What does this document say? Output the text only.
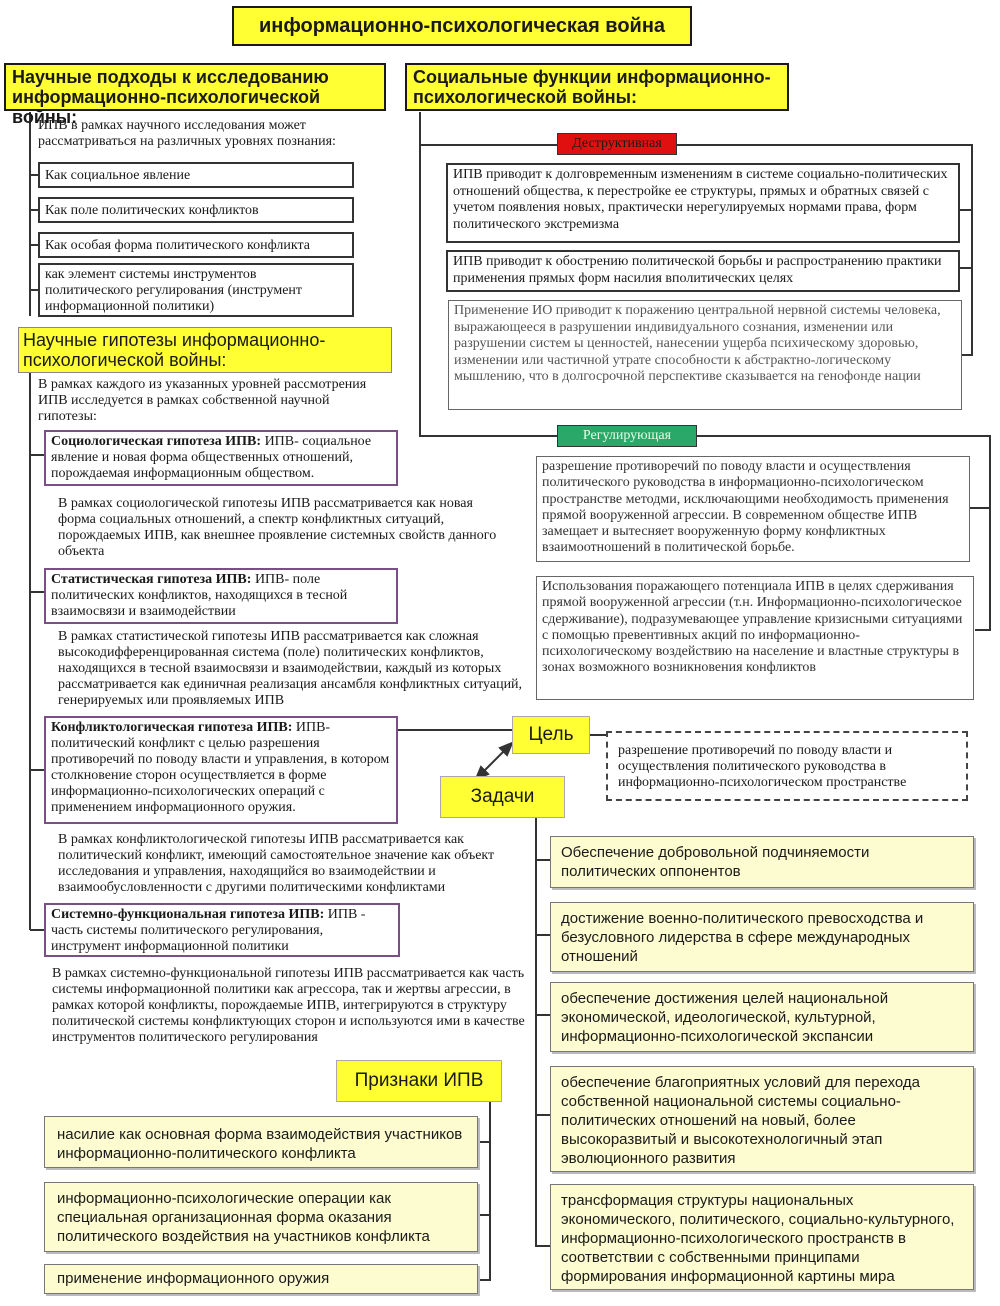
информационно-психологическая война
Научные подходы к исследованию информационно-психологической войны:
ИПВ в рамках научного исследования может рассматриваться на различных уровнях познания:
Как социальное явление
Как поле политических конфликтов
Как особая форма политического конфликта
как элемент системы инструментов политического регулирования (инструмент информационной политики)
Научные гипотезы информационно-психологической войны:
В рамках каждого из указанных уровней рассмотрения ИПВ исследуется в рамках собственной научной гипотезы:
Социологическая гипотеза ИПВ: ИПВ- социальное явление и новая форма общественных отношений, порождаемая информационным обществом.
В рамках социологической гипотезы ИПВ рассматривается как новая форма социальных отношений, а спектр конфликтных ситуаций, порождаемых ИПВ, как внешнее проявление системных свойств данного объекта
Статистическая гипотеза ИПВ: ИПВ- поле политических конфликтов, находящихся в тесной взаимосвязи и взаимодействии
В рамках статистической гипотезы ИПВ рассматривается как сложная высокодифференцированная система (поле) политических конфликтов, находящихся в тесной взаимосвязи и взаимодействии, каждый из которых рассматривается как единичная реализация ансамбля конфликтных ситуаций, генерируемых или проявляемых ИПВ
Конфликтологическая гипотеза ИПВ: ИПВ- политический конфликт с целью разрешения противоречий по поводу власти и управления, в котором столкновение сторон осуществляется в форме информационно-психологических операций с применением информационного оружия.
В рамках конфликтологической гипотезы ИПВ рассматривается как политический конфликт, имеющий самостоятельное значение как объект исследования и управления, находящийся во взаимодействии и взаимообусловленности с другими политическими конфликтами
Системно-функциональная гипотеза ИПВ: ИПВ - часть системы политического регулирования, инструмент информационной политики
В рамках системно-функциональной гипотезы ИПВ рассматривается как часть системы информационной политики как агрессора, так и жертвы агрессии, в рамках которой конфликты, порождаемые ИПВ, интегрируются в структуру политической системы конфликтующих сторон и используются ими в качестве инструментов политического регулирования
Социальные функции информационно-психологической войны:
Деструктивная
ИПВ приводит к долговременным изменениям в системе социально-политических отношений общества, к перестройке ее структуры, прямых и обратных связей с учетом появления новых, практически нерегулируемых нормами права, форм политического экстремизма
ИПВ приводит к обострению политической борьбы и распространению практики применения прямых форм насилия вполитических целях
Применение ИО приводит к поражению центральной нервной системы человека, выражающееся в разрушении индивидуального сознания, изменении или разрушении систем ы ценностей, нанесении ущерба психическому здоровью, изменении или частичной утрате способности к абстрактно-логическому мышлению, что в долгосрочной перспективе сказывается на генофонде нации
Регулирующая
разрешение противоречий по поводу власти и осуществления политического руководства в информационно-психологическом пространстве методми, исключающими необходимость применения прямой вооруженной агрессии. В современном обществе ИПВ замещает и вытесняет вооруженную форму конфликтных взаимоотношений в политической борьбе.
Использования поражающего потенциала ИПВ в целях сдерживания прямой вооруженной агрессии (т.н. Информационно-психологическое сдерживание), подразумевающее управление кризисными ситуациями с помощью превентивных акций по информационно-психологическому воздействию на население и властные структуры в зонах возможного возникновения конфликтов
Цель
разрешение противоречий по поводу власти и осуществления политического руководства в информационно-психологическом пространстве
Задачи
Обеспечение добровольной подчиняемости политических оппонентов
достижение военно-политического превосходства и безусловного лидерства в сфере международных отношений
обеспечение достижения целей национальной экономической, идеологической, культурной, информационно-психологической экспансии
обеспечение благоприятных условий для перехода собственной национальной системы социально-политических отношений на новый, более высокоразвитый и высокотехнологичный этап эволюционного развития
трансформация структуры национальных экономического, политического, социально-культурного, информационно-психологического пространств в соответствии с собственными принципами формирования информационной картины мира
Признаки ИПВ
насилие как основная форма взаимодействия участников информационно-политического конфликта
информационно-психологические операции как специальная организационная форма оказания политического воздействия на участников конфликта
применение информационного оружия
